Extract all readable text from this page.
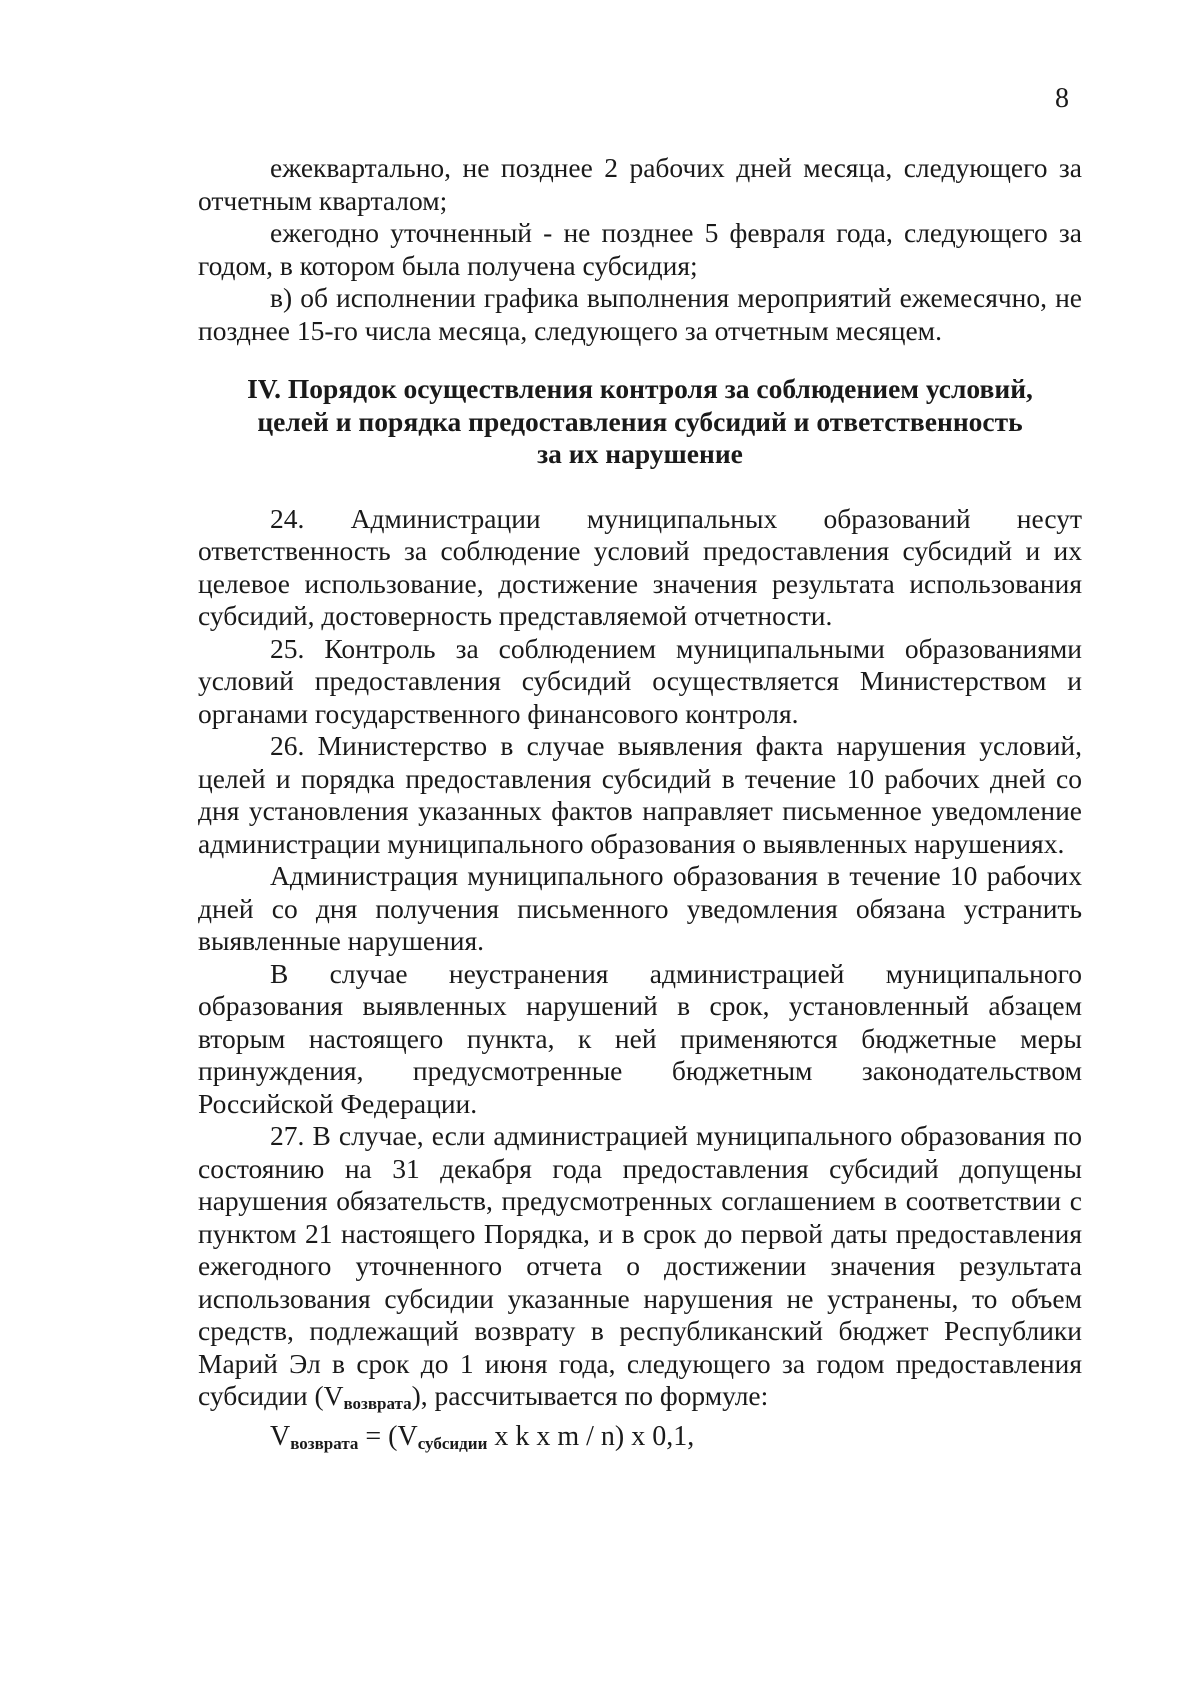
8

ежеквартально, не позднее 2 рабочих дней месяца, следующего за отчетным кварталом;

ежегодно уточненный - не позднее 5 февраля года, следующего за годом, в котором была получена субсидия;

в) об исполнении графика выполнения мероприятий ежемесячно, не позднее 15-го числа месяца, следующего за отчетным месяцем.

IV. Порядок осуществления контроля за соблюдением условий,
целей и порядка предоставления субсидий и ответственность
за их нарушение

24. Администрации муниципальных образований несут ответственность за соблюдение условий предоставления субсидий и их целевое использование, достижение значения результата использования субсидий, достоверность представляемой отчетности.

25. Контроль за соблюдением муниципальными образованиями условий предоставления субсидий осуществляется Министерством и органами государственного финансового контроля.

26. Министерство в случае выявления факта нарушения условий, целей и порядка предоставления субсидий в течение 10 рабочих дней со дня установления указанных фактов направляет письменное уведомление администрации муниципального образования о выявленных нарушениях.

Администрация муниципального образования в течение 10 рабочих дней со дня получения письменного уведомления обязана устранить выявленные нарушения.

В случае неустранения администрацией муниципального образования выявленных нарушений в срок, установленный абзацем вторым настоящего пункта, к ней применяются бюджетные меры принуждения, предусмотренные бюджетным законодательством Российской Федерации.

27. В случае, если администрацией муниципального образования по состоянию на 31 декабря года предоставления субсидий допущены нарушения обязательств, предусмотренных соглашением в соответствии с пунктом 21 настоящего Порядка, и в срок до первой даты предоставления ежегодного уточненного отчета о достижении значения результата использования субсидии указанные нарушения не устранены, то объем средств, подлежащий возврату в республиканский бюджет Республики Марий Эл в срок до 1 июня года, следующего за годом предоставления субсидии (Vвозврата), рассчитывается по формуле:

$V_{возврата} = (V_{субсидии}$ x k x m / n) x 0,1,
